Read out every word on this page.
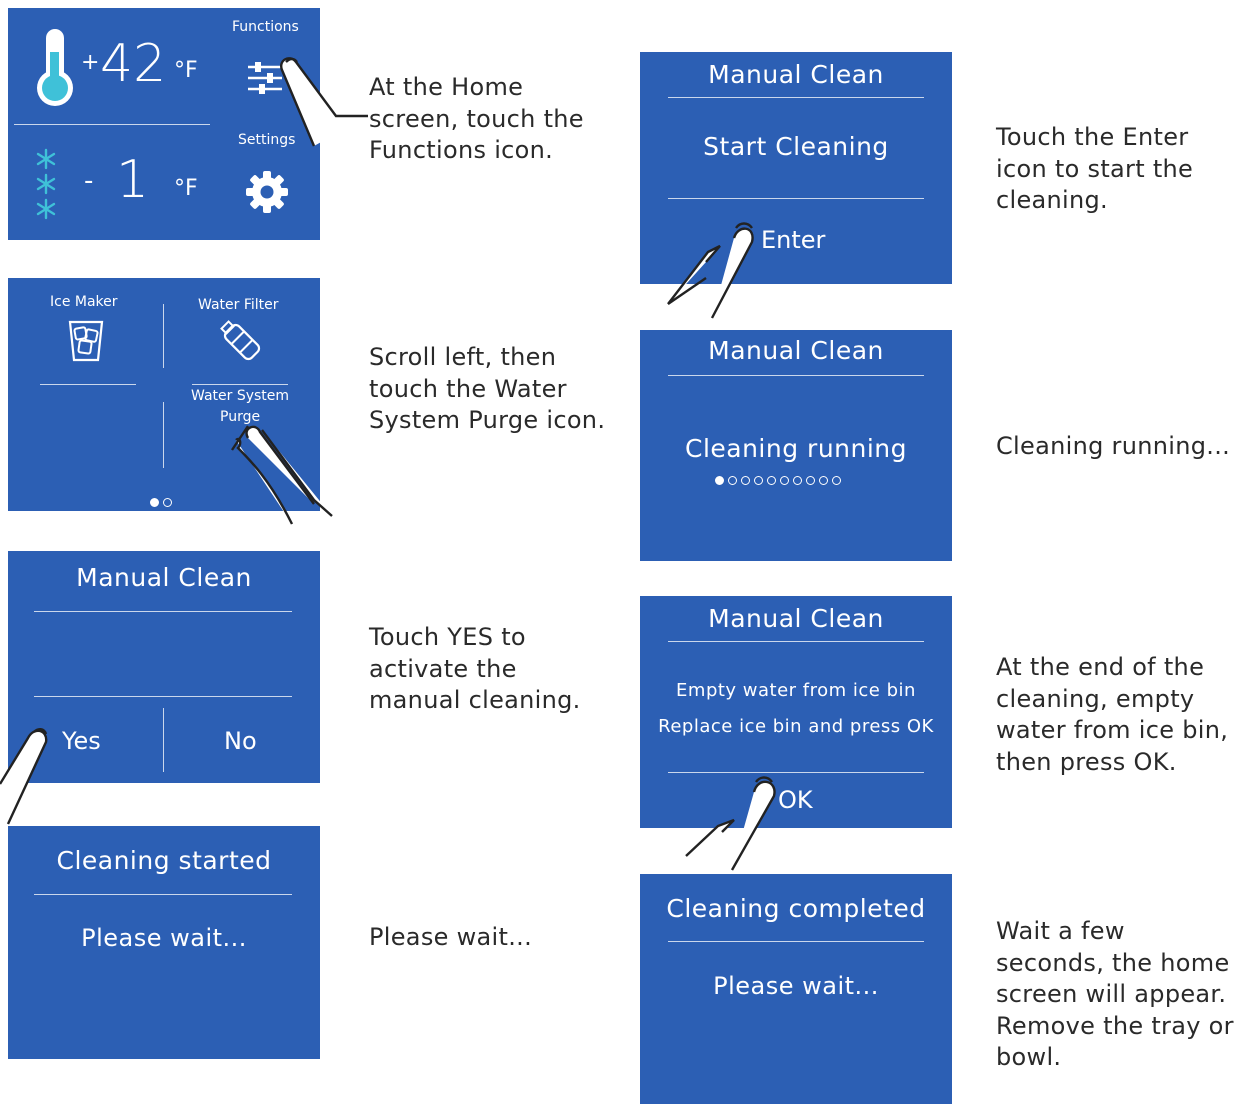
+ 42 °F
Functions
Settings
- 1 °F
At the Home
screen, touch the
Functions icon.
Ice Maker	Water Filter
Water System
Purge
Scroll left, then
touch the Water
System Purge icon.
Manual Clean
Yes	No
Touch YES to
activate the
manual cleaning.
Cleaning started
Please wait...	Please wait...
Manual Clean
Start Cleaning
Enter
Touch the Enter
icon to start the
cleaning.
Manual Clean
Cleaning running	Cleaning running...
Manual Clean
Empty water from ice bin
Replace ice bin and press OK
OK
At the end of the
cleaning, empty
water from ice bin,
then press OK.
Cleaning completed
Please wait...
Wait a few
seconds, the home
screen will appear.
Remove the tray or
bowl.
